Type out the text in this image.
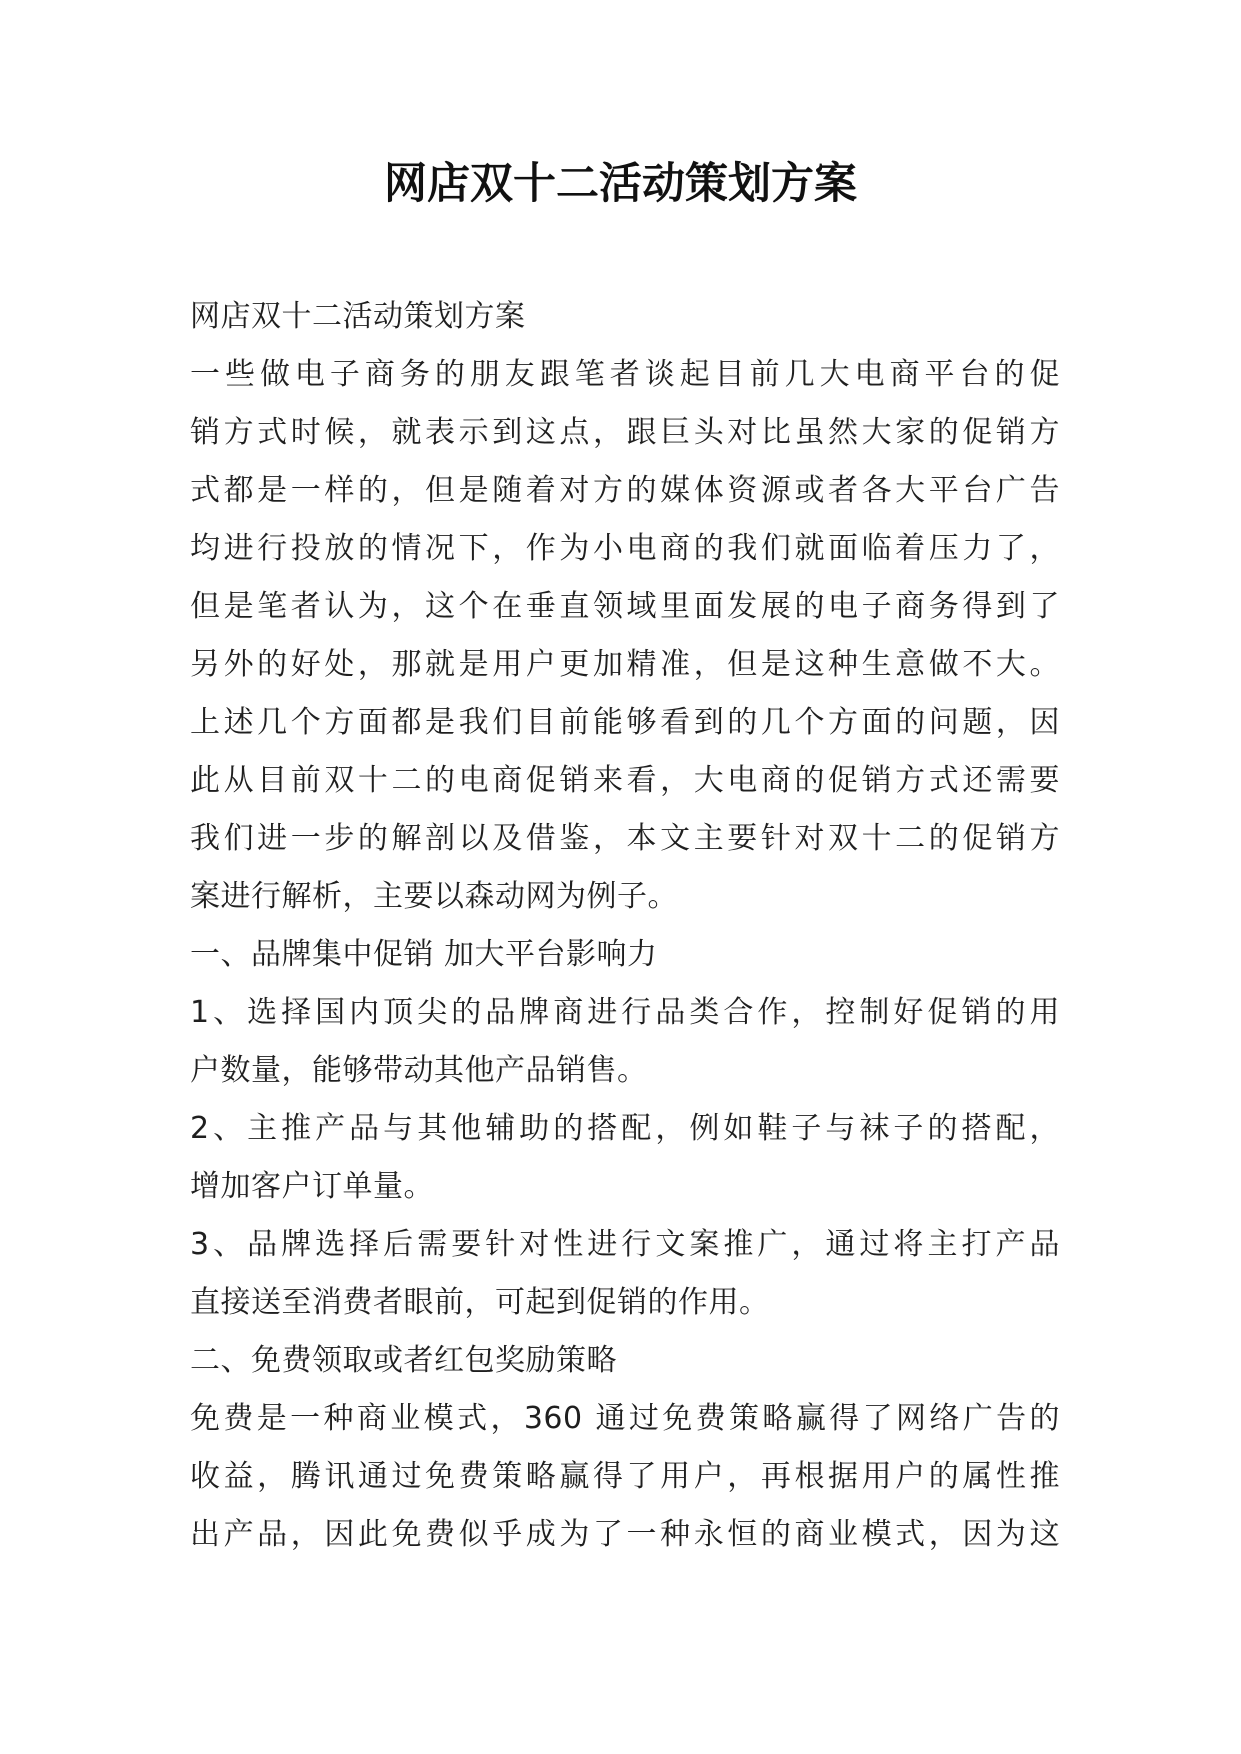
网店双十二活动策划方案

网店双十二活动策划方案

一些做电子商务的朋友跟笔者谈起目前几大电商平台的促

销方式时候，就表示到这点，跟巨头对比虽然大家的促销方

式都是一样的，但是随着对方的媒体资源或者各大平台广告

均进行投放的情况下，作为小电商的我们就面临着压力了，

但是笔者认为，这个在垂直领域里面发展的电子商务得到了

另外的好处，那就是用户更加精准，但是这种生意做不大。

上述几个方面都是我们目前能够看到的几个方面的问题，因

此从目前双十二的电商促销来看，大电商的促销方式还需要

我们进一步的解剖以及借鉴，本文主要针对双十二的促销方

案进行解析，主要以森动网为例子。

一、品牌集中促销 加大平台影响力

1、选择国内顶尖的品牌商进行品类合作，控制好促销的用

户数量，能够带动其他产品销售。

2、主推产品与其他辅助的搭配，例如鞋子与袜子的搭配，

增加客户订单量。

3、品牌选择后需要针对性进行文案推广，通过将主打产品

直接送至消费者眼前，可起到促销的作用。

二、免费领取或者红包奖励策略

免费是一种商业模式，360 通过免费策略赢得了网络广告的

收益，腾讯通过免费策略赢得了用户，再根据用户的属性推

出产品，因此免费似乎成为了一种永恒的商业模式，因为这
